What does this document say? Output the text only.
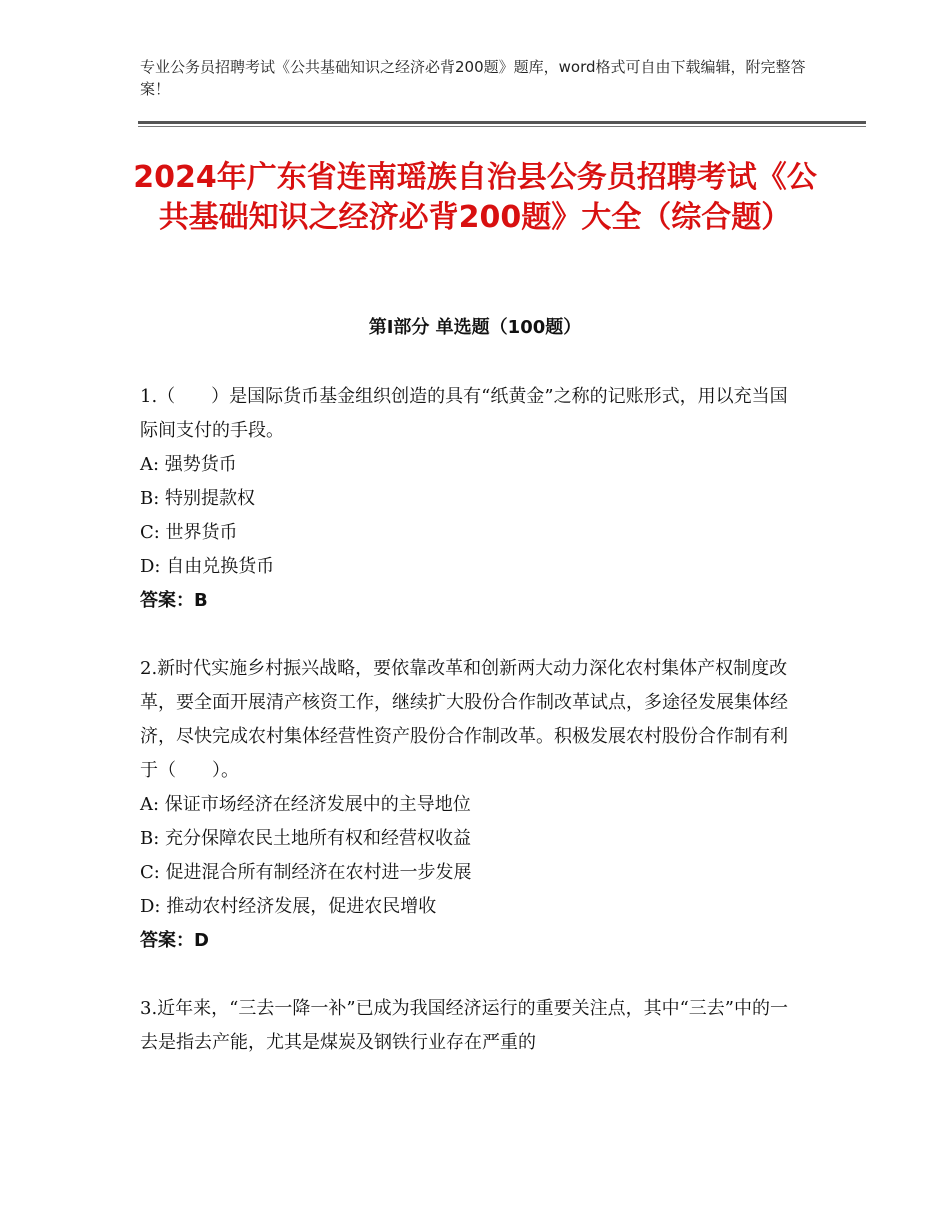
专业公务员招聘考试《公共基础知识之经济必背200题》题库，word格式可自由下载编辑，附完整答案！
2024年广东省连南瑶族自治县公务员招聘考试《公共基础知识之经济必背200题》大全（综合题）
第I部分 单选题（100题）

1.（　　）是国际货币基金组织创造的具有“纸黄金”之称的记账形式，用以充当国际间支付的手段。

A: 强势货币

B: 特别提款权

C: 世界货币

D: 自由兑换货币

答案：B

2.新时代实施乡村振兴战略，要依靠改革和创新两大动力深化农村集体产权制度改革，要全面开展清产核资工作，继续扩大股份合作制改革试点，多途径发展集体经济，尽快完成农村集体经营性资产股份合作制改革。积极发展农村股份合作制有利于（　　）。

A: 保证市场经济在经济发展中的主导地位

B: 充分保障农民土地所有权和经营权收益

C: 促进混合所有制经济在农村进一步发展

D: 推动农村经济发展，促进农民增收

答案：D

3.近年来，“三去一降一补”已成为我国经济运行的重要关注点，其中“三去”中的一去是指去产能，尤其是煤炭及钢铁行业存在严重的
